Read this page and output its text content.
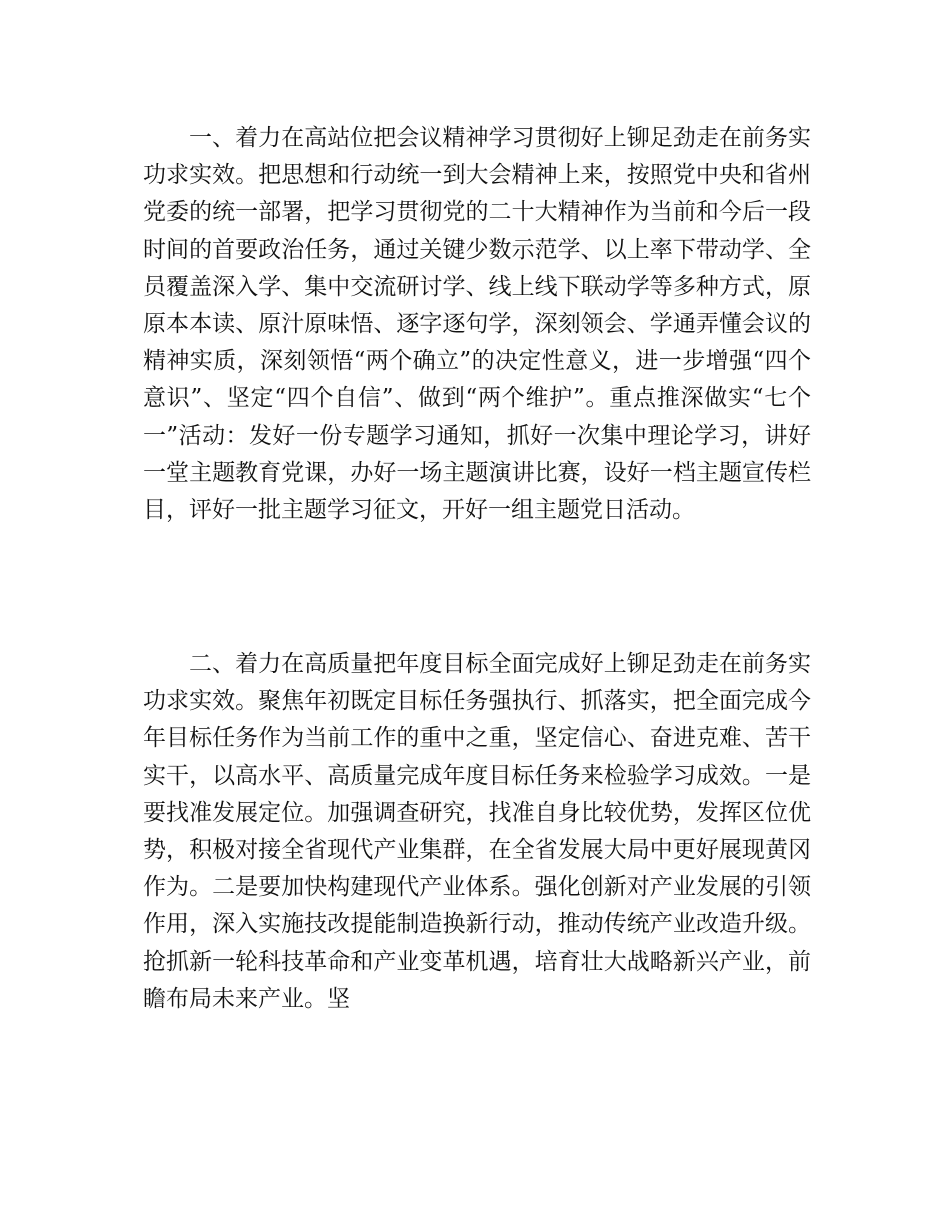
一、着力在高站位把会议精神学习贯彻好上铆足劲走在前务实功求实效。把思想和行动统一到大会精神上来，按照党中央和省州党委的统一部署，把学习贯彻党的二十大精神作为当前和今后一段时间的首要政治任务，通过关键少数示范学、以上率下带动学、全员覆盖深入学、集中交流研讨学、线上线下联动学等多种方式，原原本本读、原汁原味悟、逐字逐句学，深刻领会、学通弄懂会议的精神实质，深刻领悟“两个确立”的决定性意义，进一步增强“四个意识”、坚定“四个自信”、做到“两个维护”。重点推深做实“七个一”活动：发好一份专题学习通知，抓好一次集中理论学习，讲好一堂主题教育党课，办好一场主题演讲比赛，设好一档主题宣传栏目，评好一批主题学习征文，开好一组主题党日活动。

二、着力在高质量把年度目标全面完成好上铆足劲走在前务实功求实效。聚焦年初既定目标任务强执行、抓落实，把全面完成今年目标任务作为当前工作的重中之重，坚定信心、奋进克难、苦干实干，以高水平、高质量完成年度目标任务来检验学习成效。一是要找准发展定位。加强调查研究，找准自身比较优势，发挥区位优势，积极对接全省现代产业集群，在全省发展大局中更好展现黄冈作为。二是要加快构建现代产业体系。强化创新对产业发展的引领作用，深入实施技改提能制造换新行动，推动传统产业改造升级。抢抓新一轮科技革命和产业变革机遇，培育壮大战略新兴产业，前瞻布局未来产业。坚
